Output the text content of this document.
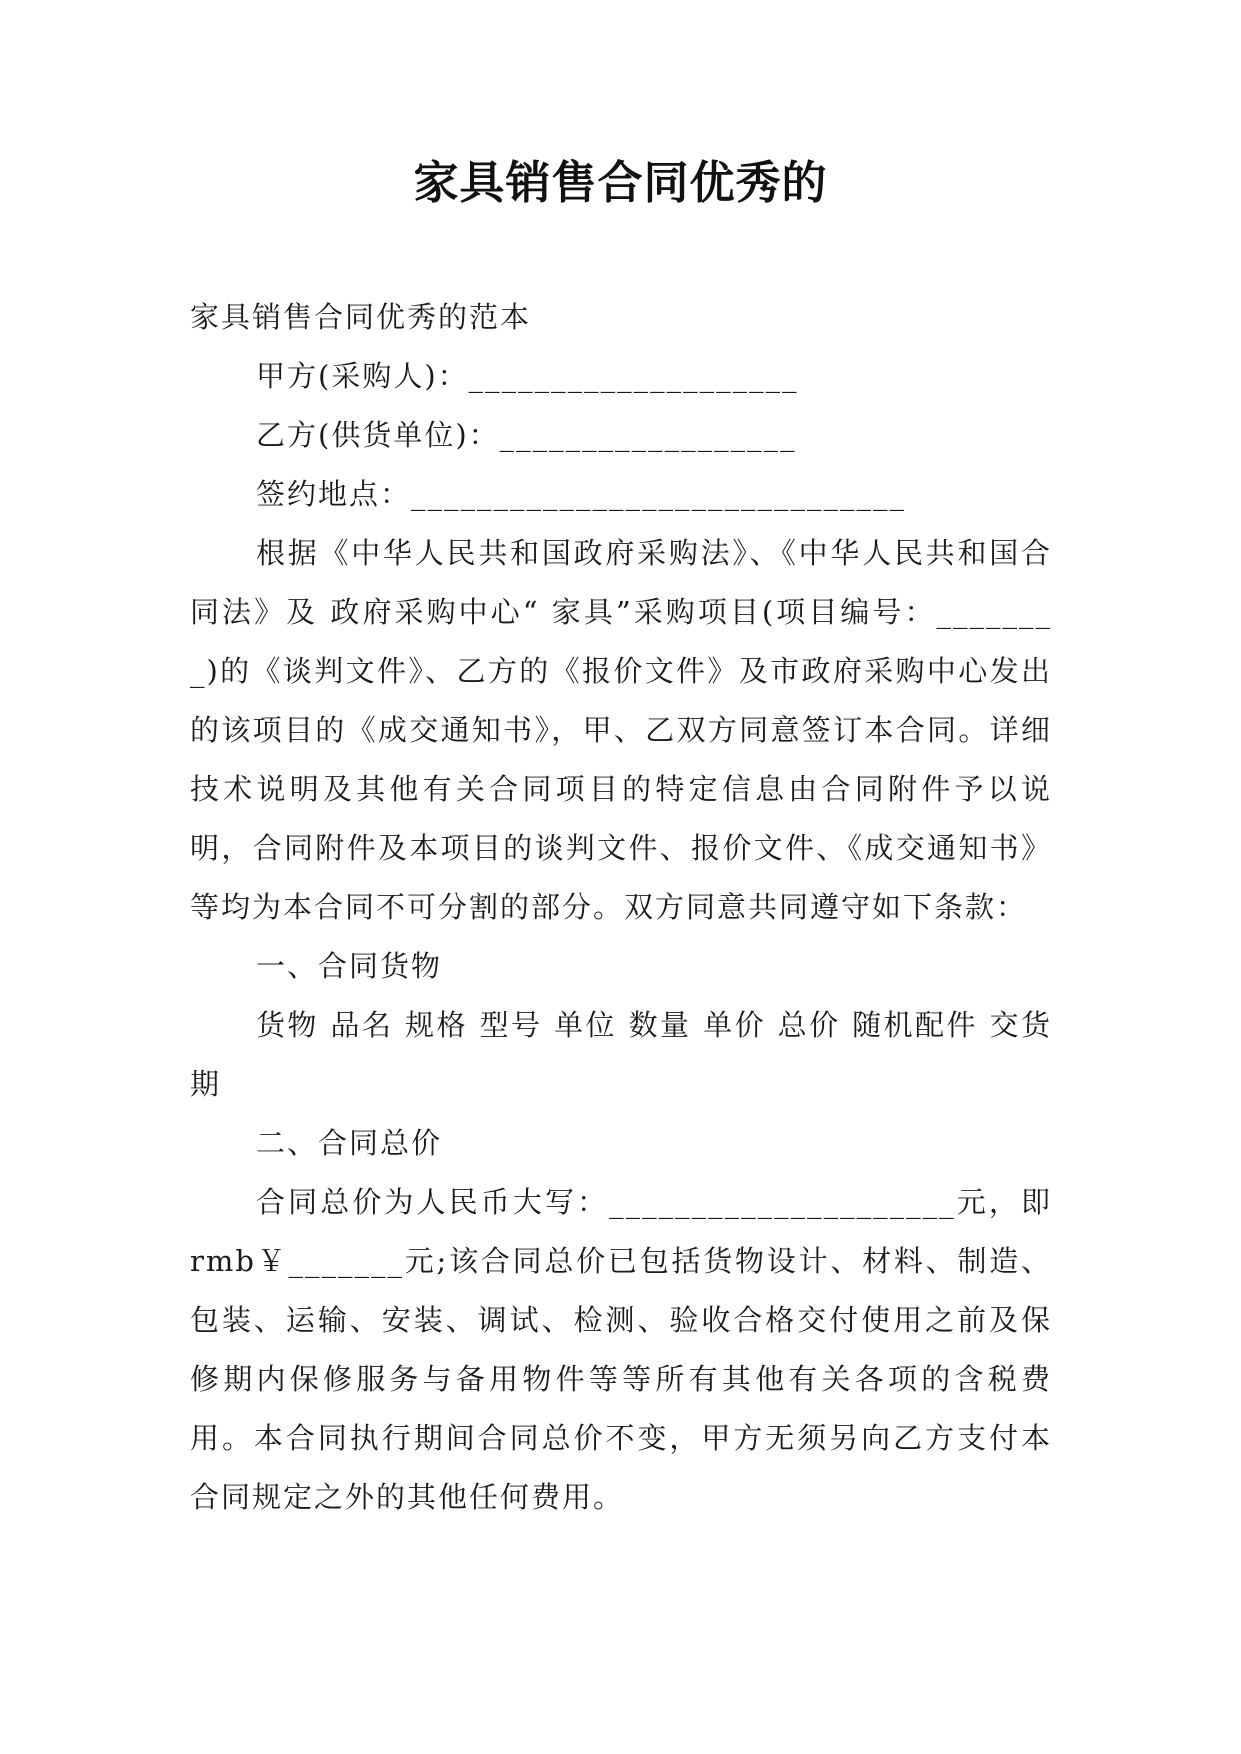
家具销售合同优秀的

家具销售合同优秀的范本

甲方(采购人)：____________________

乙方(供货单位)：__________________

签约地点：______________________________

根据《中华人民共和国政府采购法》、《中华人民共和国合同法》及 政府采购中心“ 家具”采购项目(项目编号：________)的《谈判文件》、乙方的《报价文件》及市政府采购中心发出的该项目的《成交通知书》，甲、乙双方同意签订本合同。详细技术说明及其他有关合同项目的特定信息由合同附件予以说明，合同附件及本项目的谈判文件、报价文件、《成交通知书》等均为本合同不可分割的部分。双方同意共同遵守如下条款：

一、合同货物

货物 品名 规格 型号 单位 数量 单价 总价 随机配件 交货期

二、合同总价

合同总价为人民币大写：_____________________元，即rmb￥_______元;该合同总价已包括货物设计、材料、制造、包装、运输、安装、调试、检测、验收合格交付使用之前及保修期内保修服务与备用物件等等所有其他有关各项的含税费用。本合同执行期间合同总价不变，甲方无须另向乙方支付本合同规定之外的其他任何费用。
